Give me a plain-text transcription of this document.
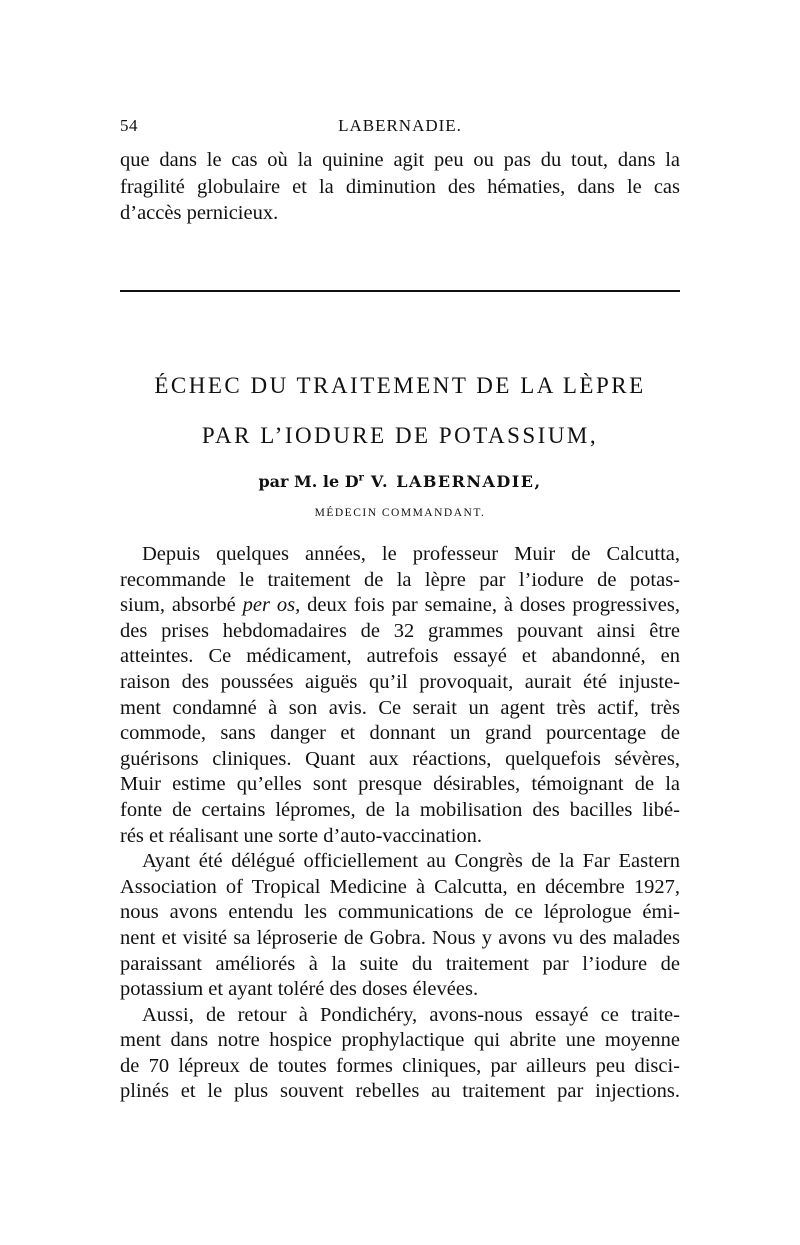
54	LABERNADIE.
que dans le cas où la quinine agit peu ou pas du tout, dans la
fragilité globulaire et la diminution des hématies, dans le cas
d’accès pernicieux.
ÉCHEC DU TRAITEMENT DE LA LÈPRE
PAR L’IODURE DE POTASSIUM,
par M. le $D^r$ V. LABERNADIE,
MÉDECIN COMMANDANT.
Depuis quelques années, le professeur Muir de Calcutta,
recommande le traitement de la lèpre par l’iodure de potas-
sium, absorbé per os, deux fois par semaine, à doses progressives,
des prises hebdomadaires de 32 grammes pouvant ainsi être
atteintes. Ce médicament, autrefois essayé et abandonné, en
raison des poussées aiguës qu’il provoquait, aurait été injuste-
ment condamné à son avis. Ce serait un agent très actif, très
commode, sans danger et donnant un grand pourcentage de
guérisons cliniques. Quant aux réactions, quelquefois sévères,
Muir estime qu’elles sont presque désirables, témoignant de la
fonte de certains lépromes, de la mobilisation des bacilles libé-
rés et réalisant une sorte d’auto-vaccination.
Ayant été délégué officiellement au Congrès de la Far Eastern
Association of Tropical Medicine à Calcutta, en décembre 1927,
nous avons entendu les communications de ce léprologue émi-
nent et visité sa léproserie de Gobra. Nous y avons vu des malades
paraissant améliorés à la suite du traitement par l’iodure de
potassium et ayant toléré des doses élevées.
Aussi, de retour à Pondichéry, avons-nous essayé ce traite-
ment dans notre hospice prophylactique qui abrite une moyenne
de 70 lépreux de toutes formes cliniques, par ailleurs peu disci-
plinés et le plus souvent rebelles au traitement par injections.
